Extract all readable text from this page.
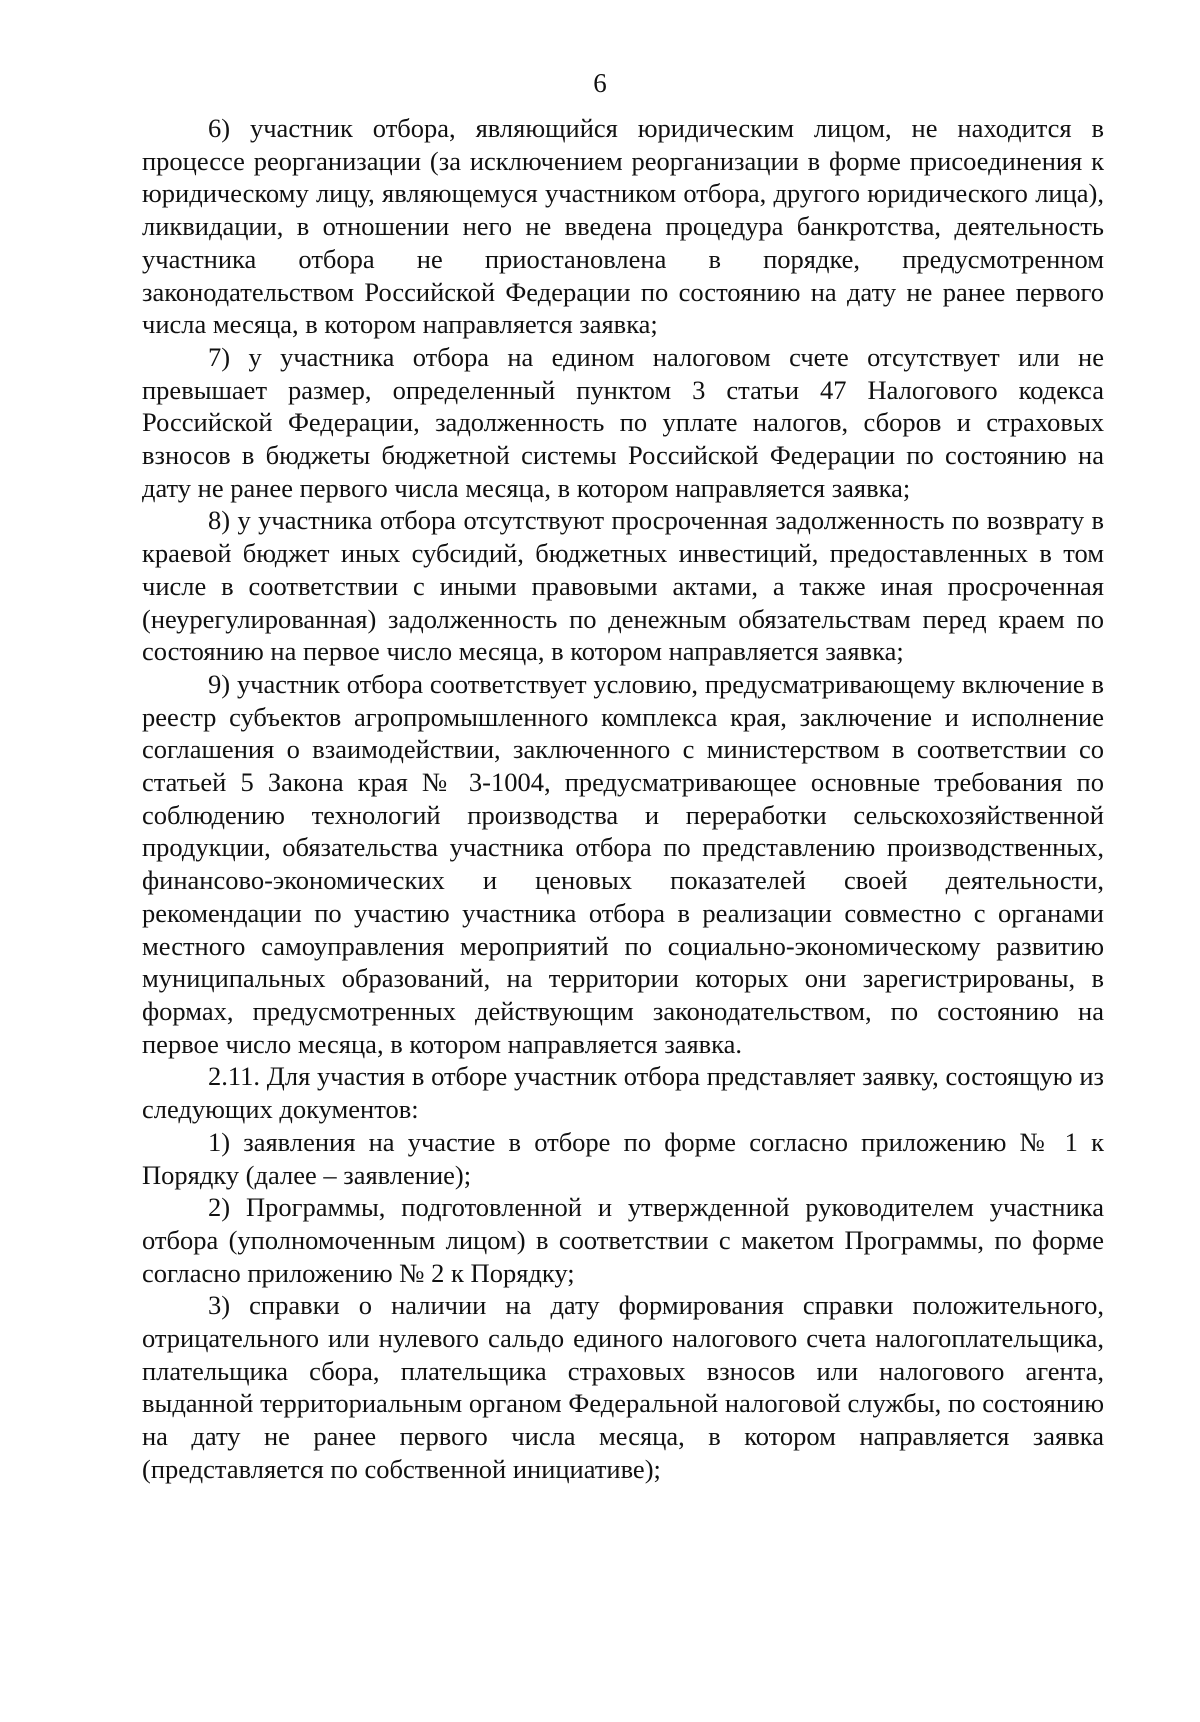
6

6) участник отбора, являющийся юридическим лицом, не находится в процессе реорганизации (за исключением реорганизации в форме присоединения к юридическому лицу, являющемуся участником отбора, другого юридического лица), ликвидации, в отношении него не введена процедура банкротства, деятельность участника отбора не приостановлена в порядке, предусмотренном законодательством Российской Федерации по состоянию на дату не ранее первого числа месяца, в котором направляется заявка;

7) у участника отбора на едином налоговом счете отсутствует или не превышает размер, определенный пунктом 3 статьи 47 Налогового кодекса Российской Федерации, задолженность по уплате налогов, сборов и страховых взносов в бюджеты бюджетной системы Российской Федерации по состоянию на дату не ранее первого числа месяца, в котором направляется заявка;

8) у участника отбора отсутствуют просроченная задолженность по возврату в краевой бюджет иных субсидий, бюджетных инвестиций, предоставленных в том числе в соответствии с иными правовыми актами, а также иная просроченная (неурегулированная) задолженность по денежным обязательствам перед краем по состоянию на первое число месяца, в котором направляется заявка;

9) участник отбора соответствует условию, предусматривающему включение в реестр субъектов агропромышленного комплекса края, заключение и исполнение соглашения о взаимодействии, заключенного с министерством в соответствии со статьей 5 Закона края № 3-1004, предусматривающее основные требования по соблюдению технологий производства и переработки сельскохозяйственной продукции, обязательства участника отбора по представлению производственных, финансово-экономических и ценовых показателей своей деятельности, рекомендации по участию участника отбора в реализации совместно с органами местного самоуправления мероприятий по социально-экономическому развитию муниципальных образований, на территории которых они зарегистрированы, в формах, предусмотренных действующим законодательством, по состоянию на первое число месяца, в котором направляется заявка.

2.11. Для участия в отборе участник отбора представляет заявку, состоящую из следующих документов:

1) заявления на участие в отборе по форме согласно приложению № 1 к Порядку (далее – заявление);

2) Программы, подготовленной и утвержденной руководителем участника отбора (уполномоченным лицом) в соответствии с макетом Программы, по форме согласно приложению № 2 к Порядку;

3) справки о наличии на дату формирования справки положительного, отрицательного или нулевого сальдо единого налогового счета налогоплательщика, плательщика сбора, плательщика страховых взносов или налогового агента, выданной территориальным органом Федеральной налоговой службы, по состоянию на дату не ранее первого числа месяца, в котором направляется заявка (представляется по собственной инициативе);
